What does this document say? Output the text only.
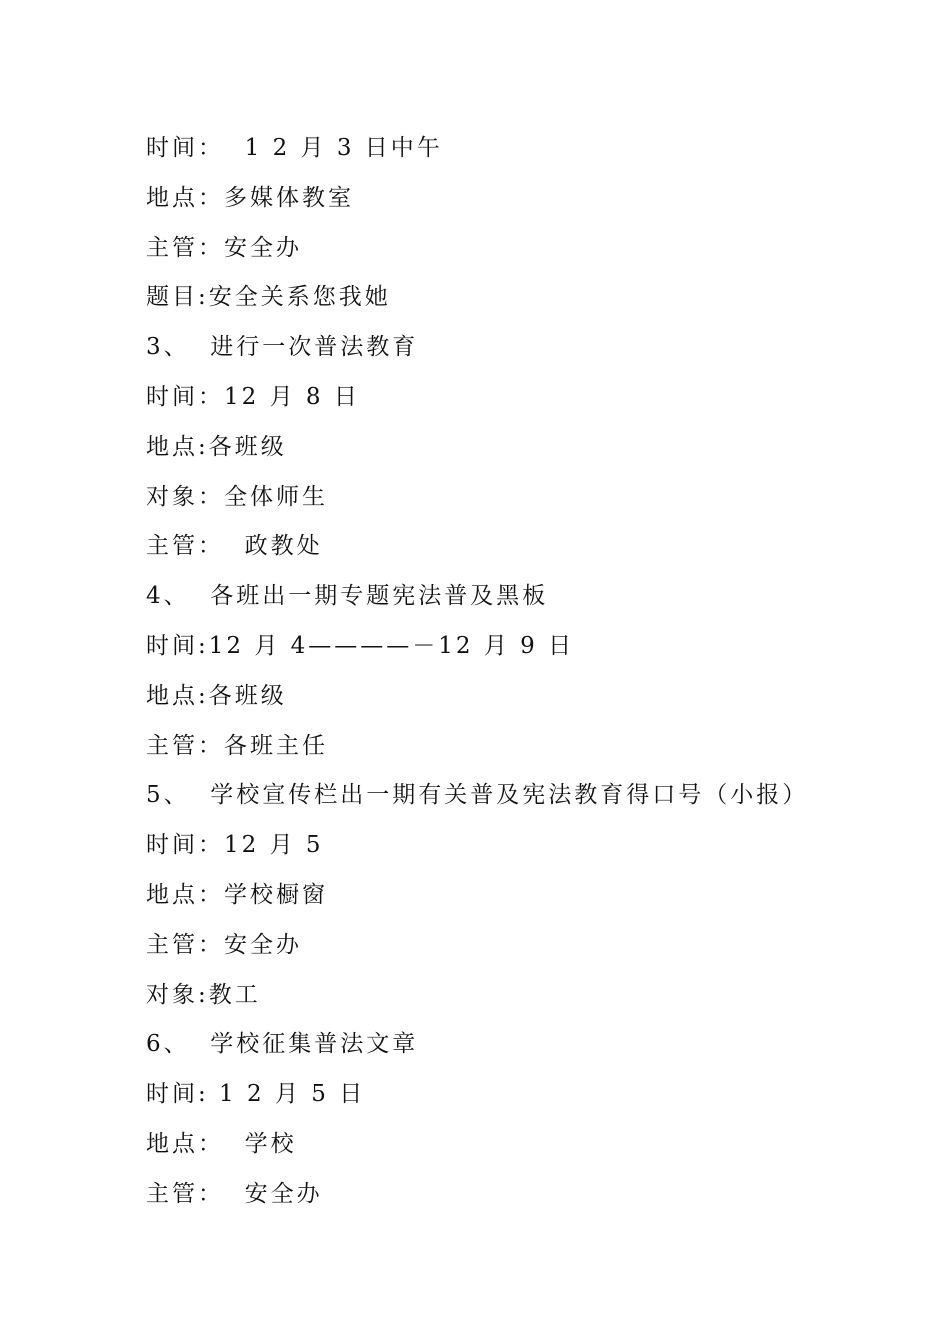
时间：  1 2 月 3 日中午
地点：多媒体教室
主管：安全办
题目:安全关系您我她
3、  进行一次普法教育
时间：12 月 8 日
地点:各班级
对象：全体师生
主管：  政教处
4、  各班出一期专题宪法普及黑板
时间:12 月 4————－12 月 9 日
地点:各班级
主管：各班主任
5、  学校宣传栏出一期有关普及宪法教育得口号（小报）
时间：12 月 5
地点：学校橱窗
主管：安全办
对象:教工
6、  学校征集普法文章
时间: 1 2 月 5 日
地点：  学校
主管：  安全办
